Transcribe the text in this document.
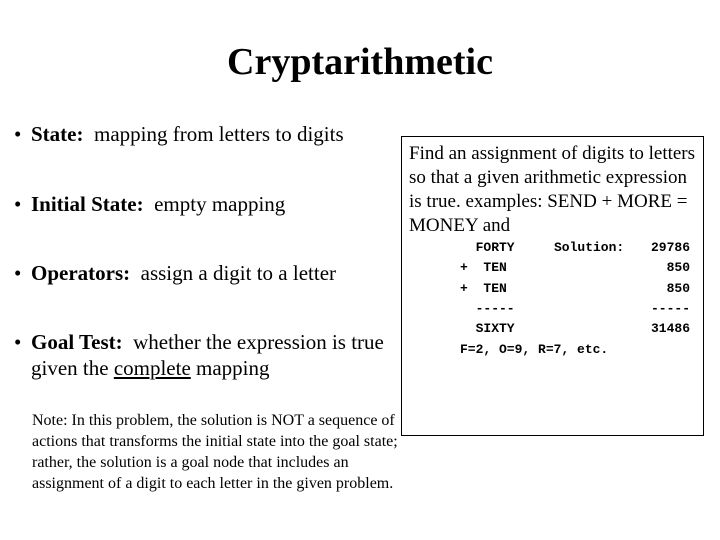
Cryptarithmetic
• State:  mapping from letters to digits
• Initial State:  empty mapping
• Operators:  assign a digit to a letter
• Goal Test:  whether the expression is true given the complete mapping
Note: In this problem, the solution is NOT a sequence of actions that transforms the initial state into the goal state; rather, the solution is a goal node that includes an assignment of a digit to each letter in the given problem.
Find an assignment of digits to letters so that a given arithmetic expression is true. examples: SEND + MORE = MONEY and
FORTY
+  TEN
+  TEN
-----
SIXTY
F=2, O=9, R=7, etc.
Solution:	29786
850
850
-----
31486
